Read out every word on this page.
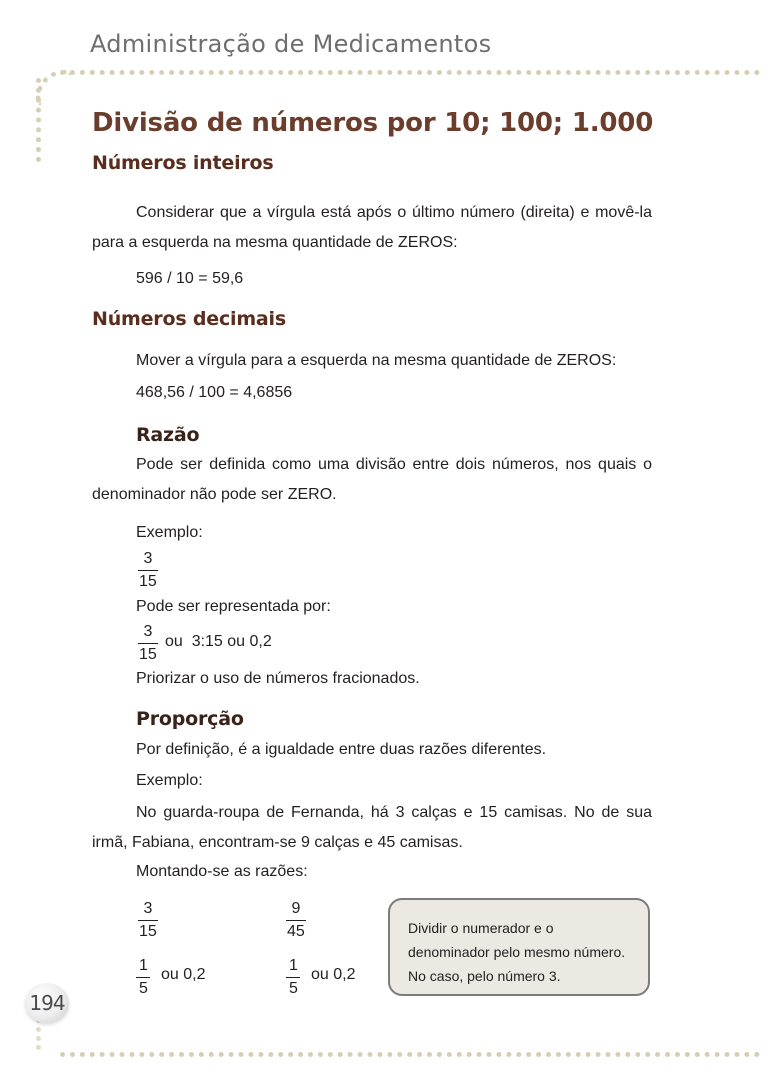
Administração de Medicamentos
Divisão de números por 10; 100; 1.000
Números inteiros

Considerar que a vírgula está após o último número (direita) e movê-la para a esquerda na mesma quantidade de ZEROS:

596 / 10 = 59,6

Números decimais

Mover a vírgula para a esquerda na mesma quantidade de ZEROS:

468,56 / 100 = 4,6856

Razão

Pode ser definida como uma divisão entre dois números, nos quais o denominador não pode ser ZERO.

Exemplo:

3
15

Pode ser representada por:

3
15
ou  3:15 ou 0,2

Priorizar o uso de números fracionados.

Proporção

Por definição, é a igualdade entre duas razões diferentes.

Exemplo:

No guarda-roupa de Fernanda, há 3 calças e 15 camisas. No de sua irmã, Fabiana, encontram-se 9 calças e 45 camisas.

Montando-se as razões:

3
15
9
45
1
5
ou 0,2
1
5
ou 0,2
Dividir o numerador e o denominador pelo mesmo número. No caso, pelo número 3.
194
